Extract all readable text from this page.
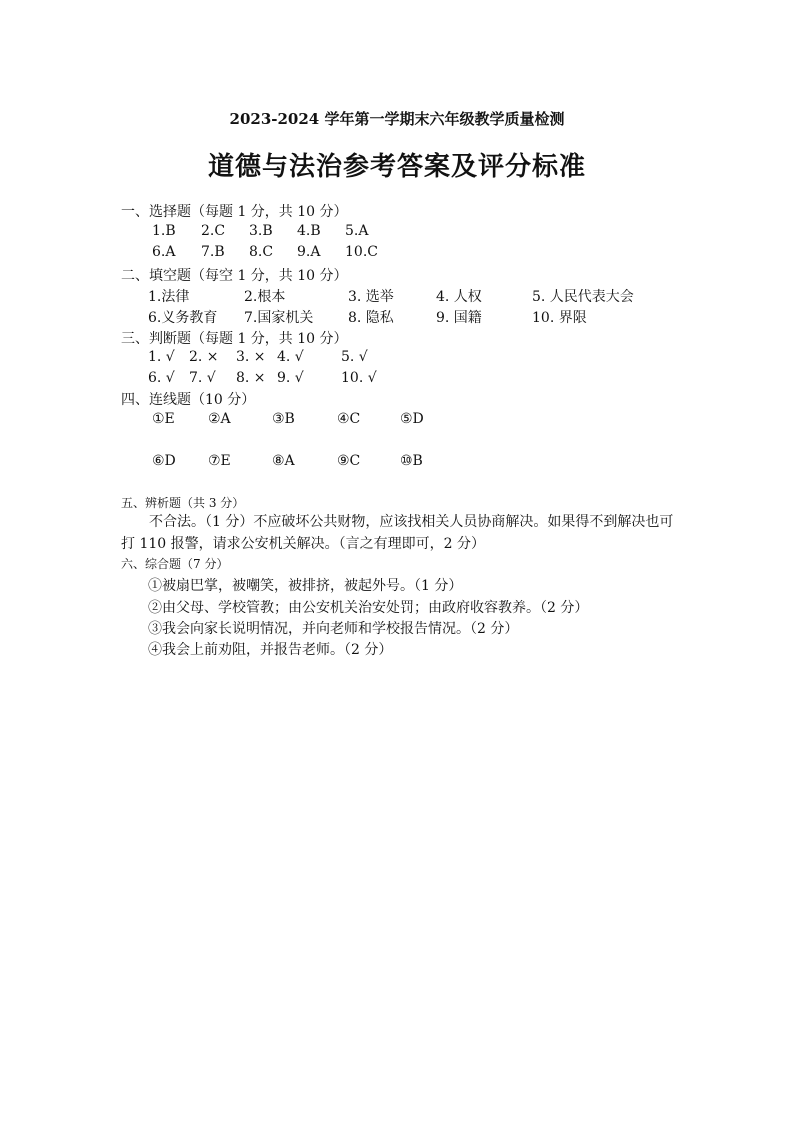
2023-2024 学年第一学期末六年级教学质量检测
道德与法治参考答案及评分标准
一、选择题（每题 1 分，共 10 分）
1.B 2.C 3.B 4.B 5.A
6.A 7.B 8.C 9.A 10.C
二、填空题（每空 1 分，共 10 分）
1.法律	2.根本	3. 选举	4. 人权	5. 人民代表大会
6.义务教育 7.国家机关 8. 隐私	9. 国籍	10. 界限
三、判断题（每题 1 分，共 10 分）
1. √ 2. × 3. × 4. √	5. √
6. √ 7. √ 8. × 9. √	10. √
四、连线题（10 分）
①E ②A	③B	④C	⑤D
⑥D ⑦E	⑧A	⑨C	⑩B
五、辨析题（共 3 分）
不合法。（1 分）不应破坏公共财物，应该找相关人员协商解决。如果得不到解决也可打 110 报警，请求公安机关解决。（言之有理即可，2 分）
六、综合题（7 分）
①被扇巴掌，被嘲笑，被排挤，被起外号。（1 分）
②由父母、学校管教；由公安机关治安处罚；由政府收容教养。（2 分）
③我会向家长说明情况，并向老师和学校报告情况。（2 分）
④我会上前劝阻，并报告老师。（2 分）
